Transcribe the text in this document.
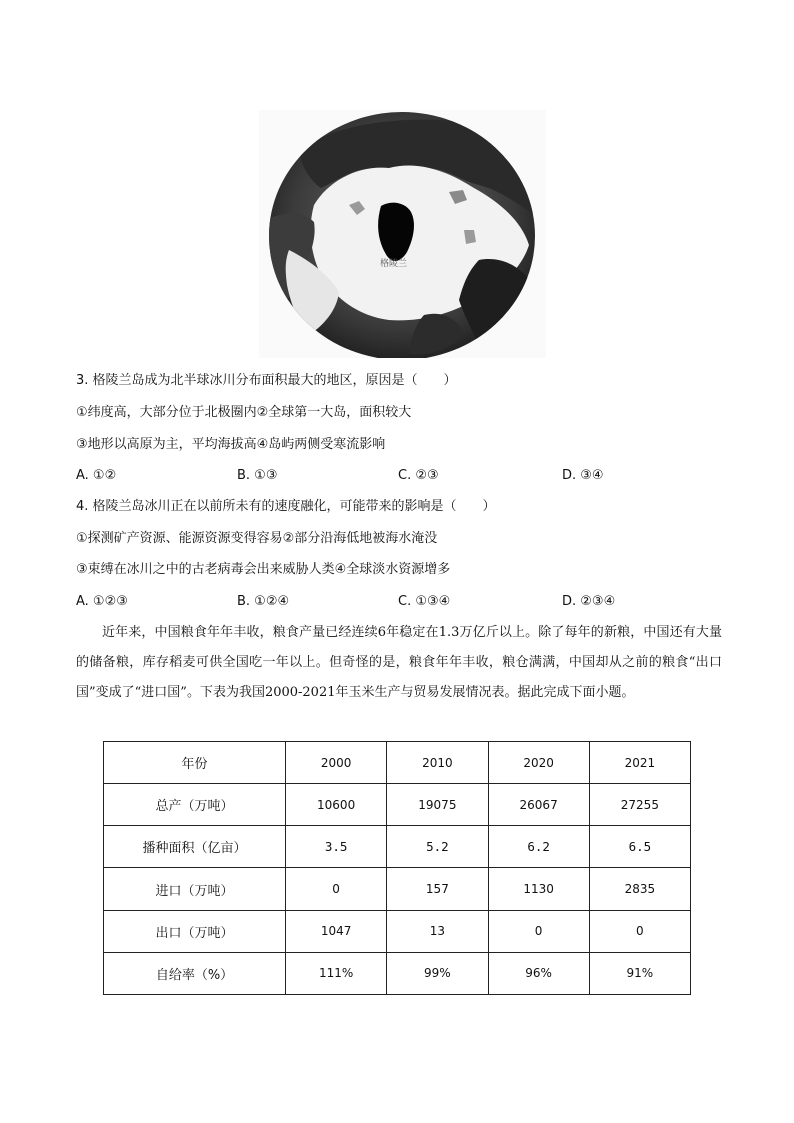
格陵兰
3. 格陵兰岛成为北半球冰川分布面积最大的地区，原因是（　　）
①纬度高，大部分位于北极圈内②全球第一大岛，面积较大
③地形以高原为主，平均海拔高④岛屿两侧受寒流影响
A. ①②	B. ①③	C. ②③	D. ③④
4. 格陵兰岛冰川正在以前所未有的速度融化，可能带来的影响是（　　）
①探测矿产资源、能源资源变得容易②部分沿海低地被海水淹没
③束缚在冰川之中的古老病毒会出来威胁人类④全球淡水资源增多
A. ①②③	B. ①②④	C. ①③④	D. ②③④
近年来，中国粮食年年丰收，粮食产量已经连续6年稳定在1.3万亿斤以上。除了每年的新粮，中国还有大量的储备粮，库存稻麦可供全国吃一年以上。但奇怪的是，粮食年年丰收，粮仓满满，中国却从之前的粮食“出口国”变成了“进口国”。下表为我国2000-2021年玉米生产与贸易发展情况表。据此完成下面小题。
年份	2000	2010	2020	2021
总产（万吨）	10600	19075	26067	27255
播种面积（亿亩）	3.5	5.2	6.2	6.5
进口（万吨）	0	157	1130	2835
出口（万吨）	1047	13	0	0
自给率（%）	111%	99%	96%	91%
